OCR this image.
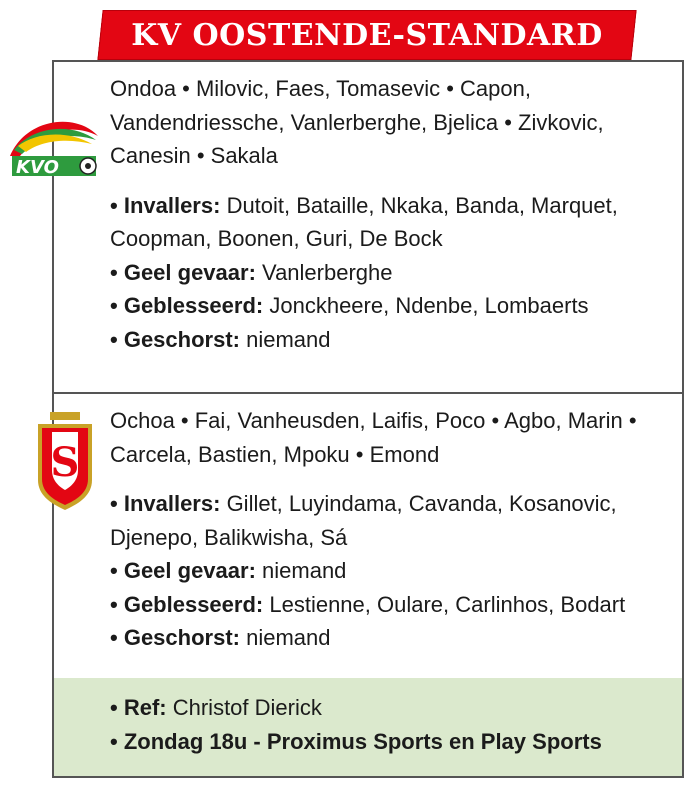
KV OOSTENDE-STANDARD
KVO
Ondoa • Milovic, Faes, Tomasevic • Capon,
Vandendriessche, Vanlerberghe, Bjelica • Zivkovic,
Canesin • Sakala
• Invallers: Dutoit, Bataille, Nkaka, Banda, Marquet,
Coopman, Boonen, Guri, De Bock
• Geel gevaar: Vanlerberghe
• Geblesseerd: Jonckheere, Ndenbe, Lombaerts
• Geschorst: niemand
S
Ochoa • Fai, Vanheusden, Laifis, Poco • Agbo, Marin •
Carcela, Bastien, Mpoku • Emond
• Invallers: Gillet, Luyindama, Cavanda, Kosanovic,
Djenepo, Balikwisha, Sá
• Geel gevaar: niemand
• Geblesseerd: Lestienne, Oulare, Carlinhos, Bodart
• Geschorst: niemand
• Ref: Christof Dierick
• Zondag 18u - Proximus Sports en Play Sports
